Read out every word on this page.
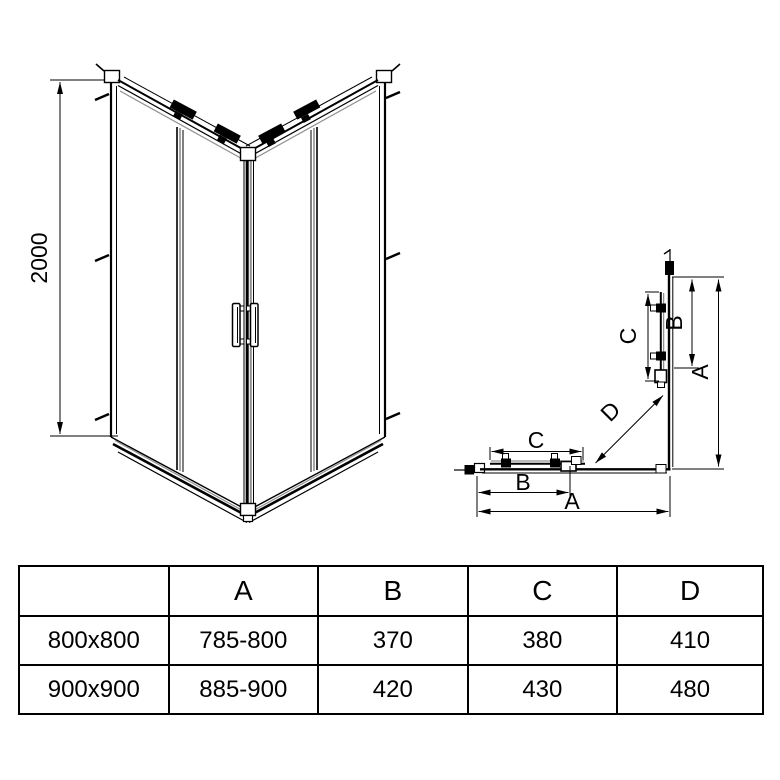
2000
C
B
A
C
B
A
D
	A	B	C	D
800x800	785-800	370	380	410
900x900	885-900	420	430	480
